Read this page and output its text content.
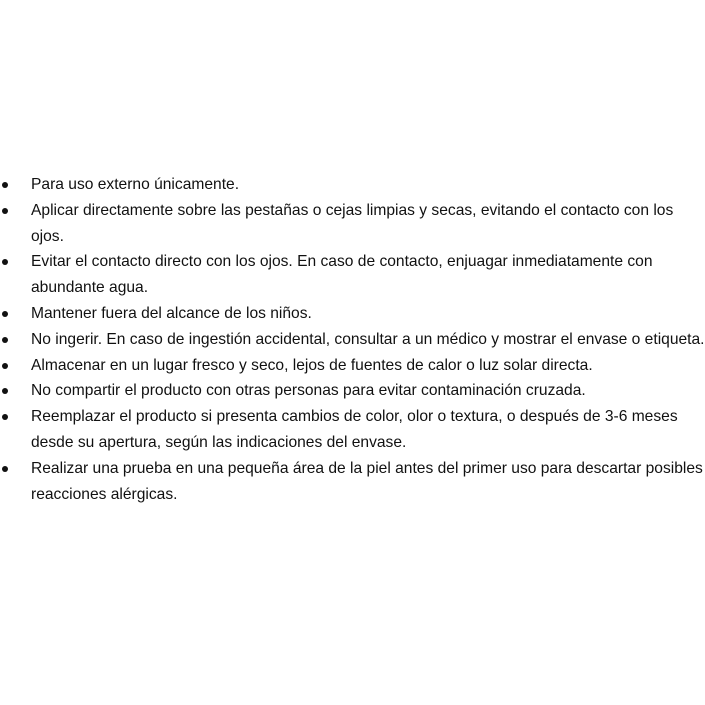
Para uso externo únicamente.
Aplicar directamente sobre las pestañas o cejas limpias y secas, evitando el contacto con los ojos.
Evitar el contacto directo con los ojos. En caso de contacto, enjuagar inmediatamente con abundante agua.
Mantener fuera del alcance de los niños.
No ingerir. En caso de ingestión accidental, consultar a un médico y mostrar el envase o etiqueta.
Almacenar en un lugar fresco y seco, lejos de fuentes de calor o luz solar directa.
No compartir el producto con otras personas para evitar contaminación cruzada.
Reemplazar el producto si presenta cambios de color, olor o textura, o después de 3-6 meses desde su apertura, según las indicaciones del envase.
Realizar una prueba en una pequeña área de la piel antes del primer uso para descartar posibles reacciones alérgicas.
